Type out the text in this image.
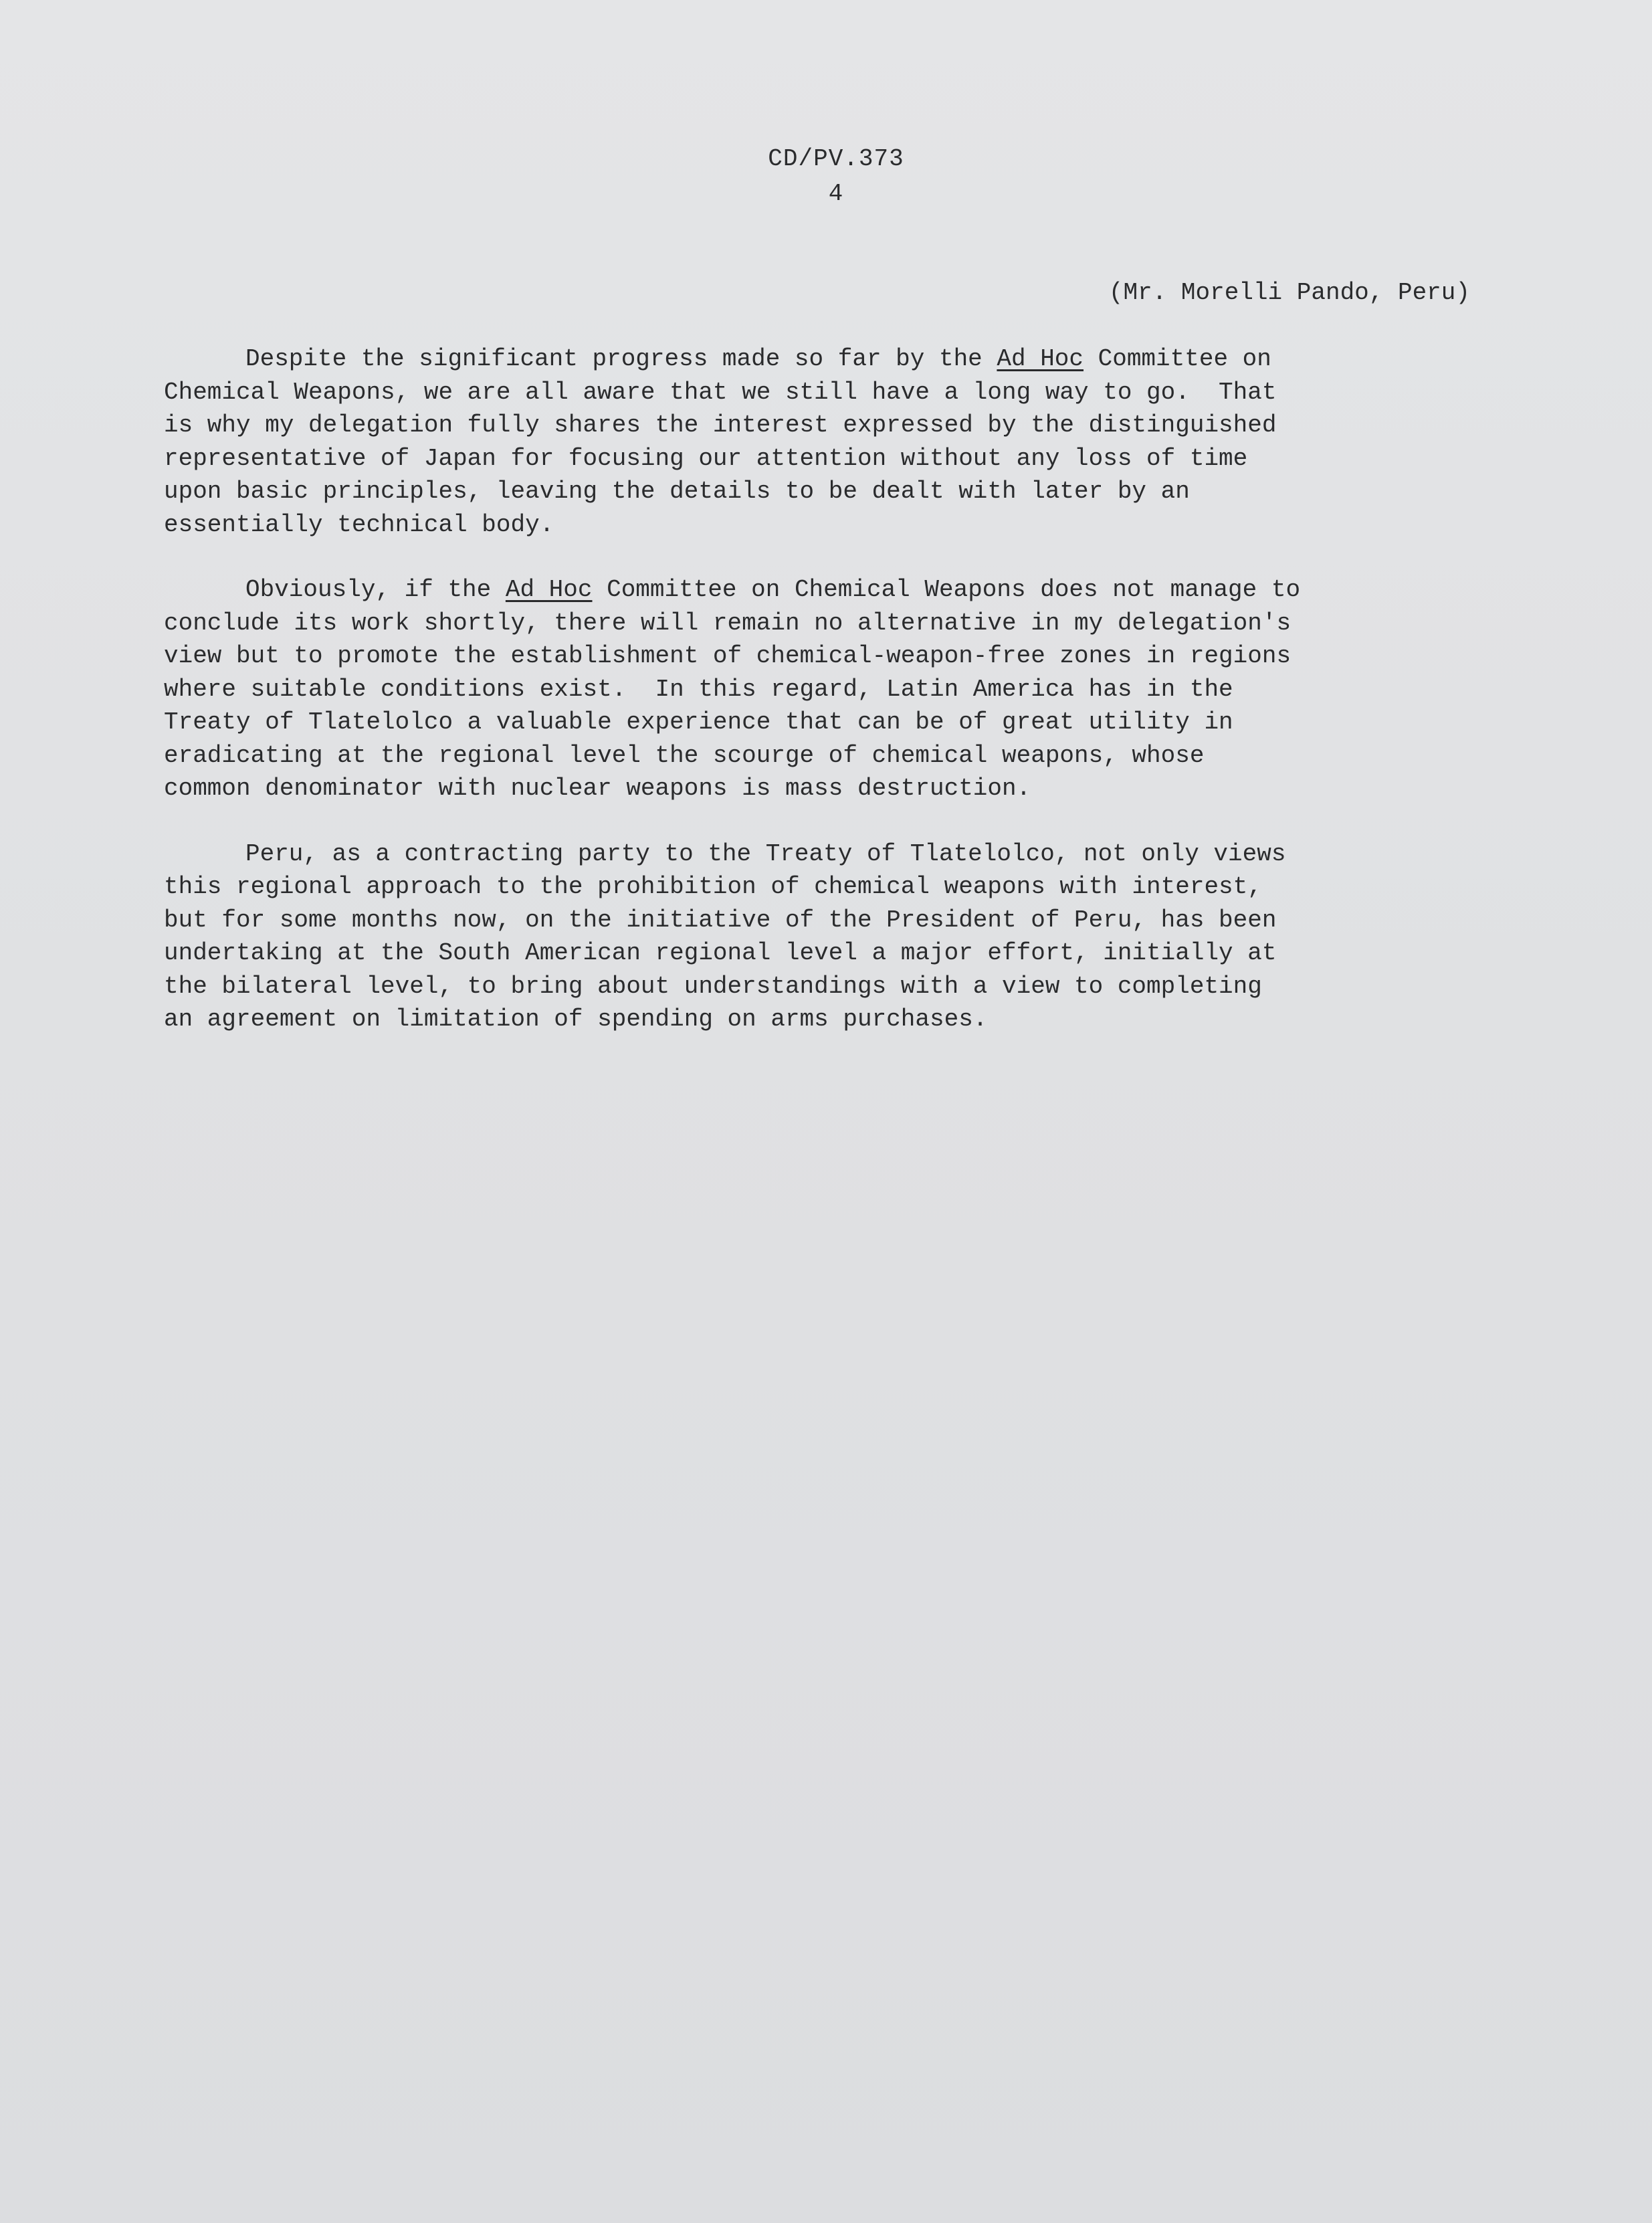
CD/PV.373
4
(Mr. Morelli Pando, Peru)
Despite the significant progress made so far by the Ad Hoc Committee on
Chemical Weapons, we are all aware that we still have a long way to go.  That
is why my delegation fully shares the interest expressed by the distinguished
representative of Japan for focusing our attention without any loss of time
upon basic principles, leaving the details to be dealt with later by an
essentially technical body.
Obviously, if the Ad Hoc Committee on Chemical Weapons does not manage to
conclude its work shortly, there will remain no alternative in my delegation's
view but to promote the establishment of chemical-weapon-free zones in regions
where suitable conditions exist.  In this regard, Latin America has in the
Treaty of Tlatelolco a valuable experience that can be of great utility in
eradicating at the regional level the scourge of chemical weapons, whose
common denominator with nuclear weapons is mass destruction.
Peru, as a contracting party to the Treaty of Tlatelolco, not only views
this regional approach to the prohibition of chemical weapons with interest,
but for some months now, on the initiative of the President of Peru, has been
undertaking at the South American regional level a major effort, initially at
the bilateral level, to bring about understandings with a view to completing
an agreement on limitation of spending on arms purchases.
